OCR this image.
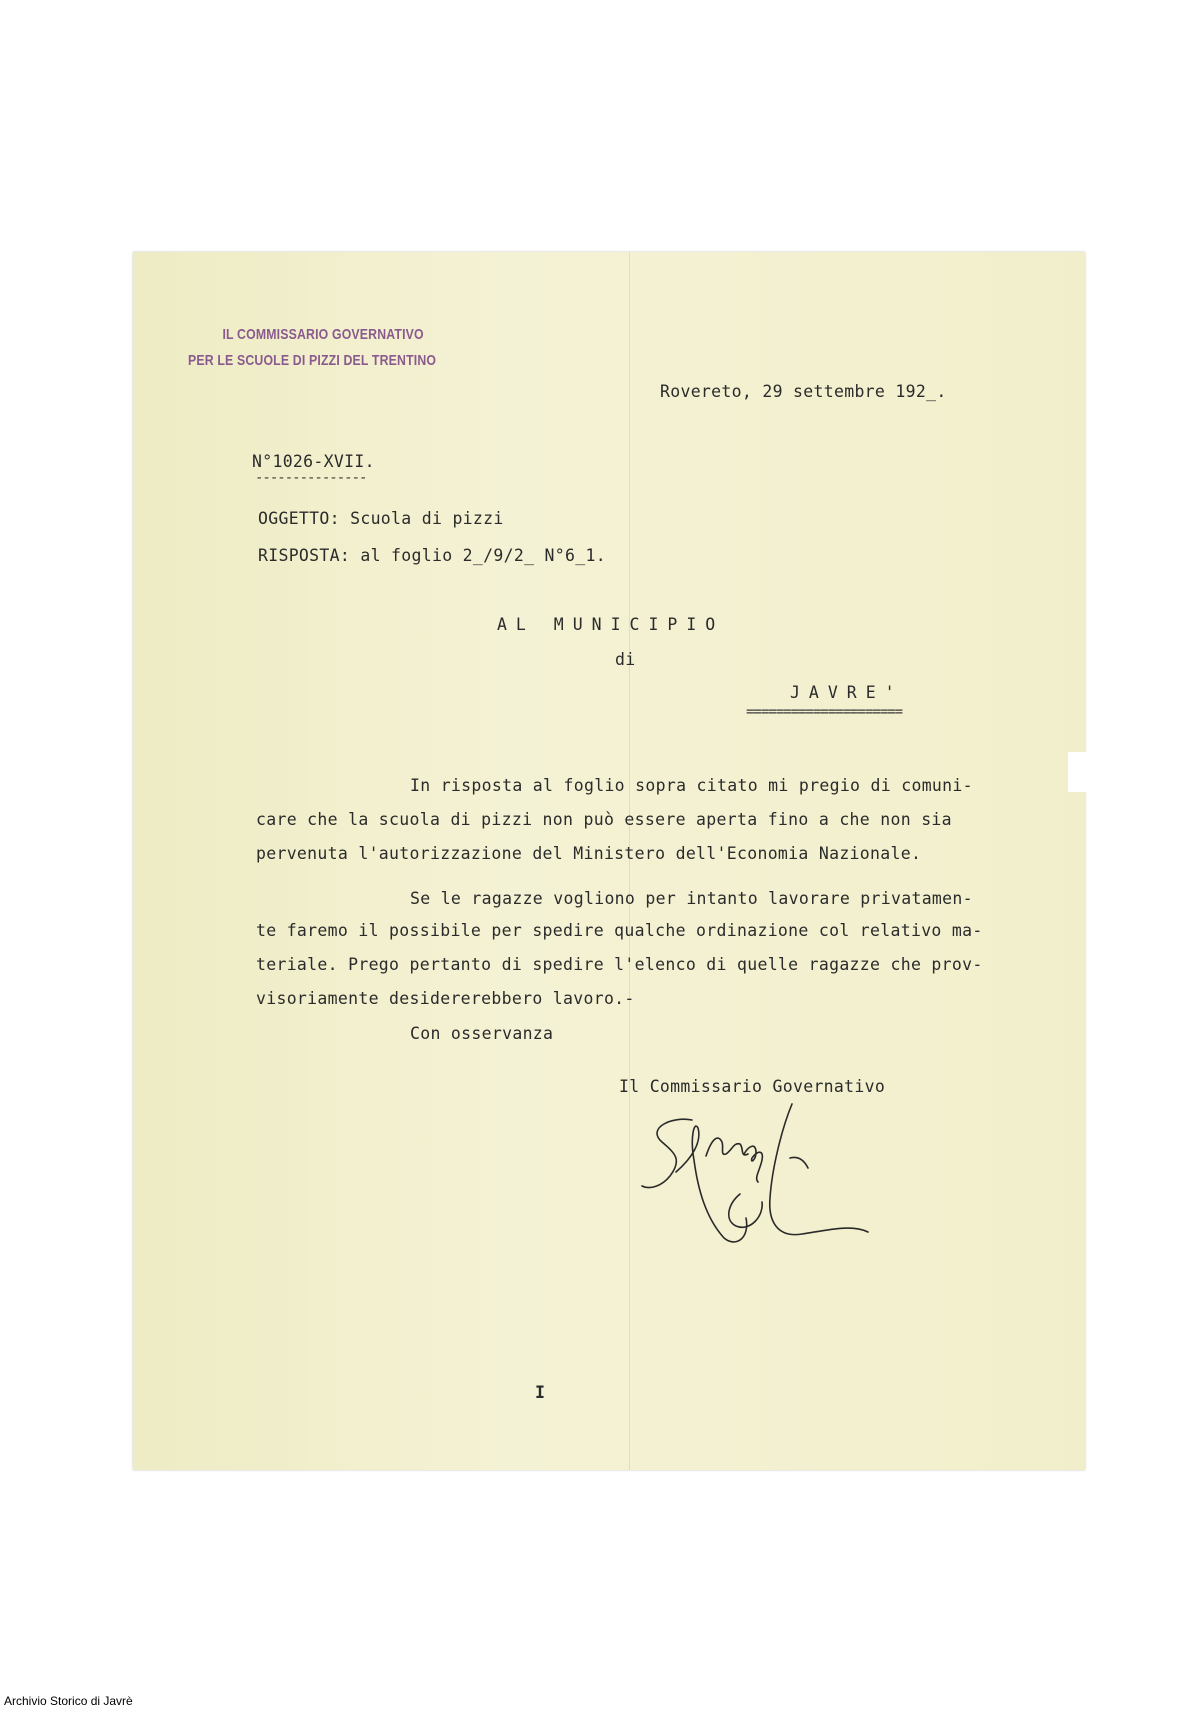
IL COMMISSARIO GOVERNATIVO
PER LE SCUOLE DI PIZZI DEL TRENTINO
Rovereto, 29 settembre 192_.
N°1026-XVII.
---------------
OGGETTO: Scuola di pizzi
RISPOSTA: al foglio 2_/9/2_ N°6_1.
AL MUNICIPIO
di
JAVRE'
=====================
In risposta al foglio sopra citato mi pregio di comuni-
care che la scuola di pizzi non può essere aperta fino a che non sia
pervenuta l'autorizzazione del Ministero dell'Economia Nazionale.
Se le ragazze vogliono per intanto lavorare privatamen-
te faremo il possibile per spedire qualche ordinazione col relativo ma-
teriale. Prego pertanto di spedire l'elenco di quelle ragazze che prov-
visoriamente desidererebbero lavoro.-
Con osservanza
Il Commissario Governativo
I
Archivio Storico di Javrè
